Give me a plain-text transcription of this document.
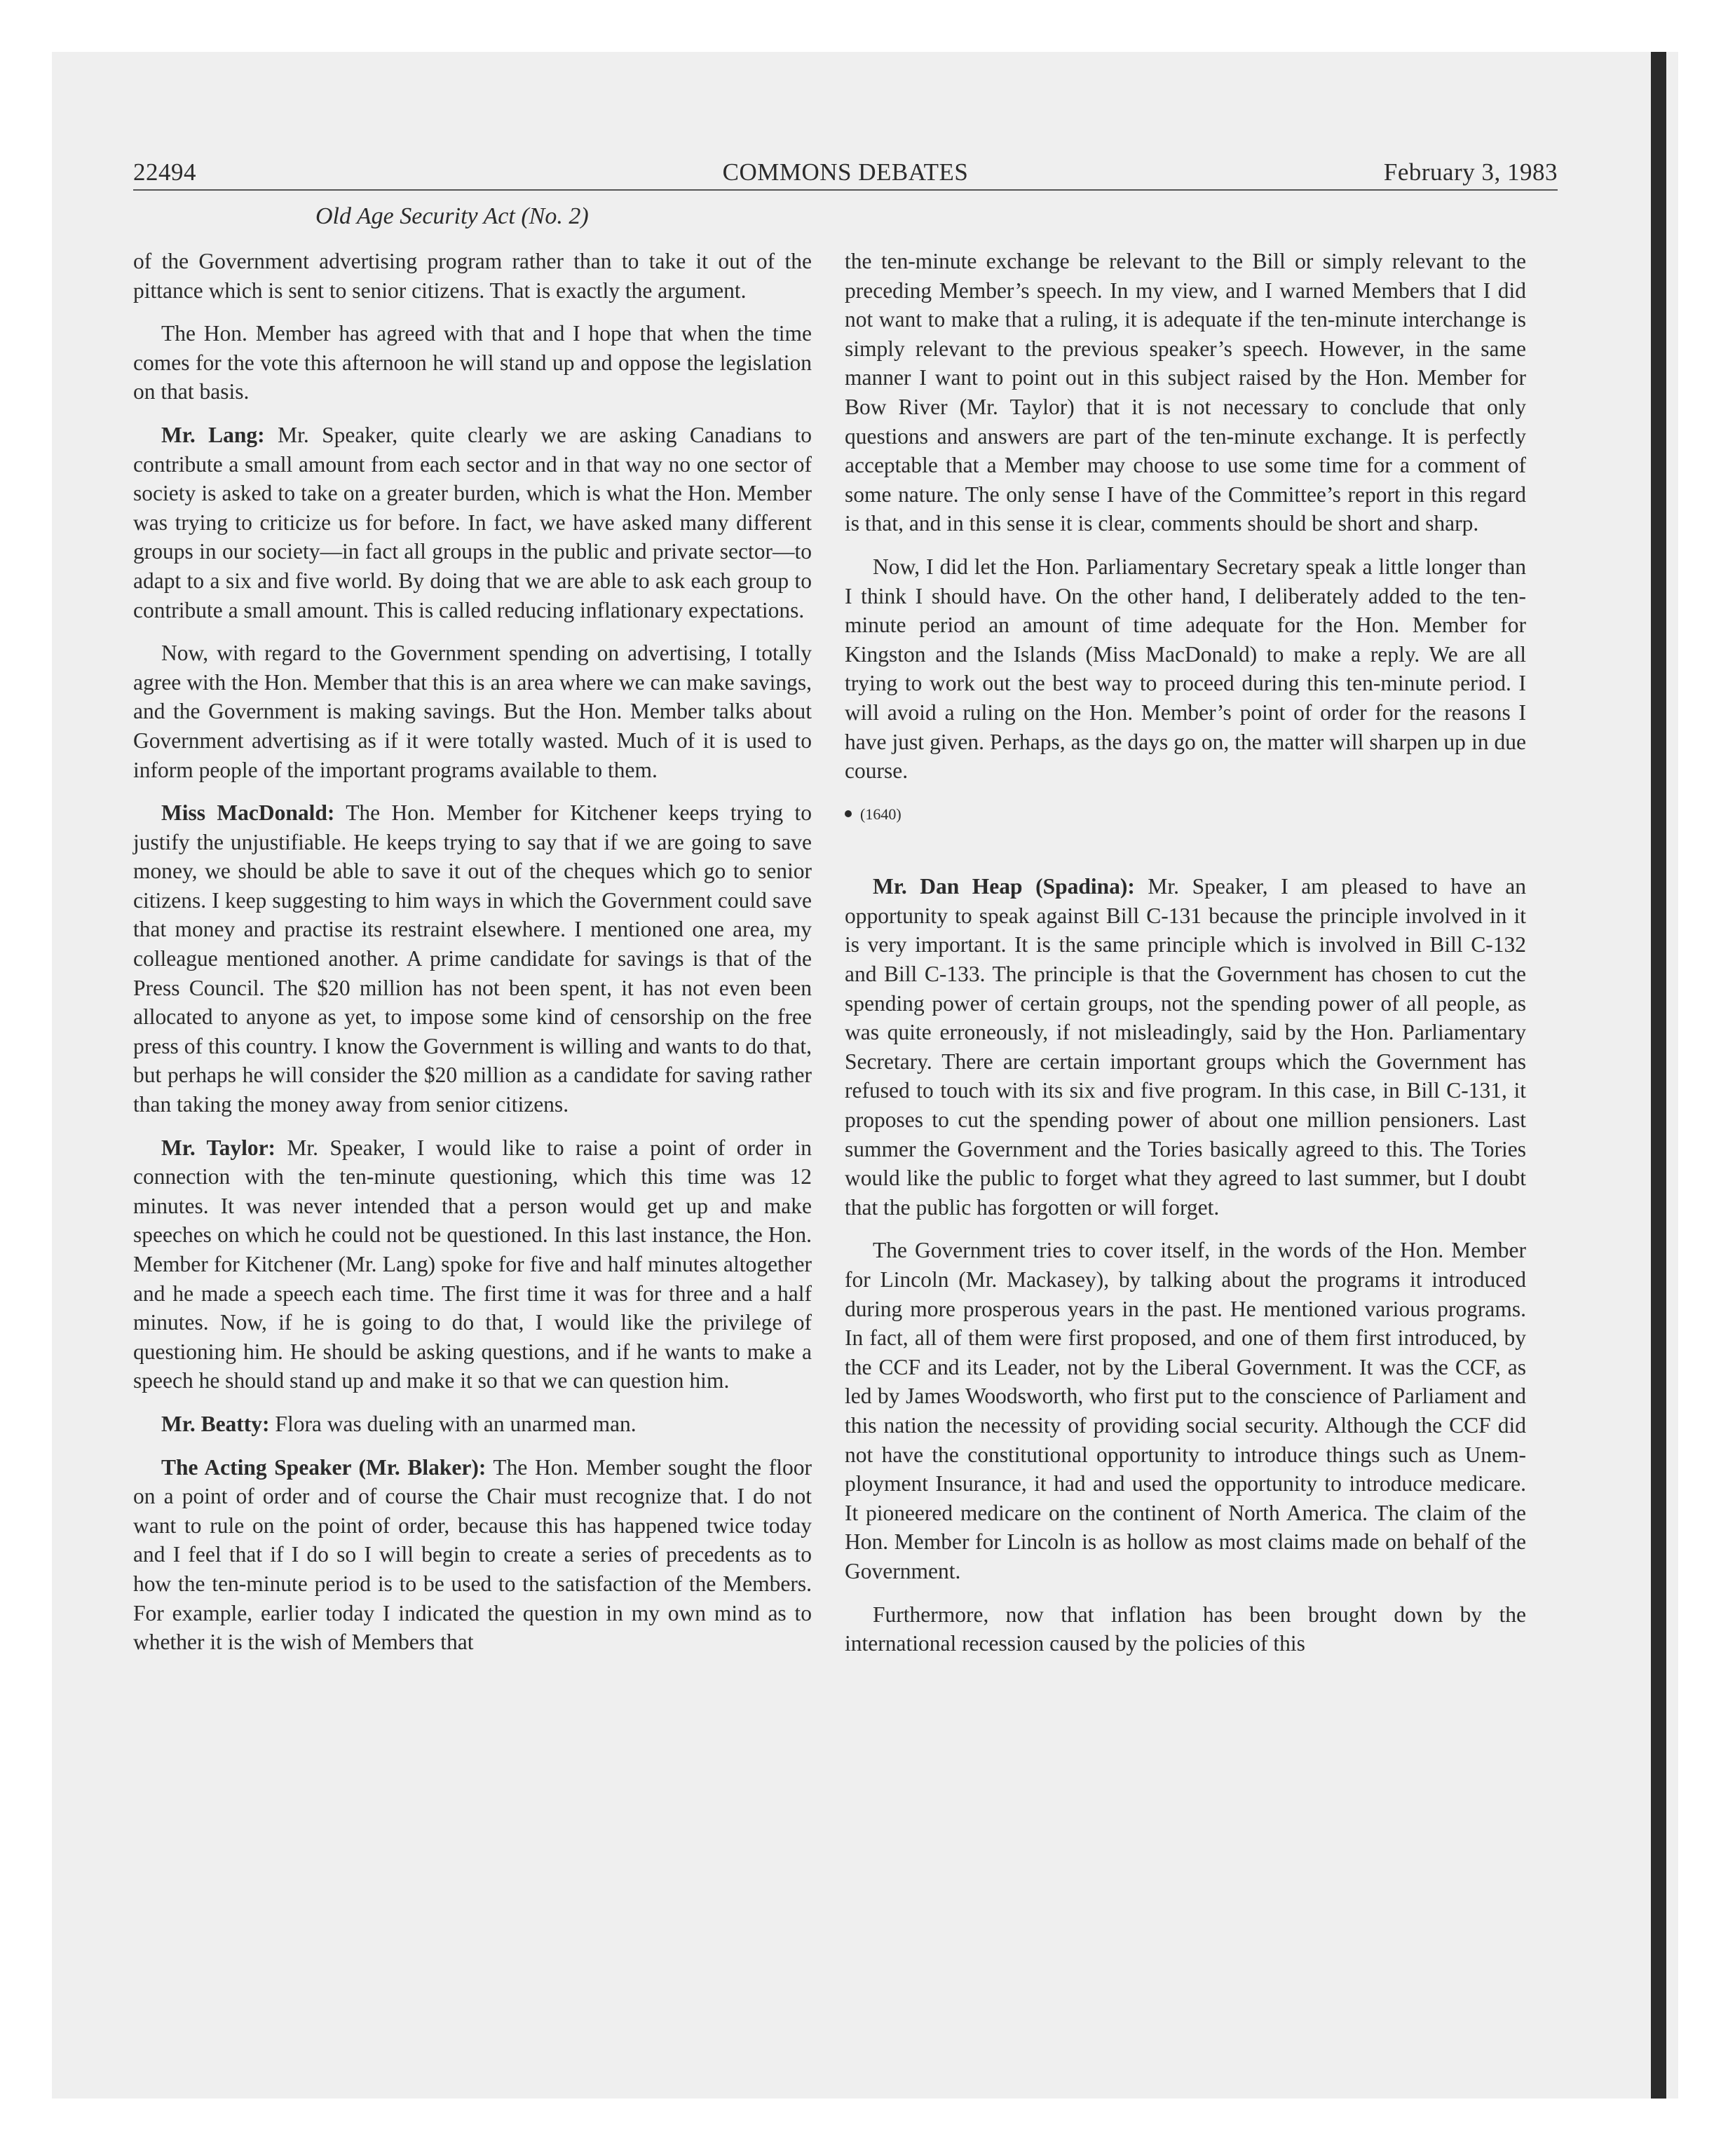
COMMONS DEBATES
22494	February 3, 1983
Old Age Security Act (No. 2)

of the Government advertising program rather than to take it out of the pittance which is sent to senior citizens. That is exactly the argument.

The Hon. Member has agreed with that and I hope that when the time comes for the vote this afternoon he will stand up and oppose the legislation on that basis.

Mr. Lang: Mr. Speaker, quite clearly we are asking Canadians to contribute a small amount from each sector and in that way no one sector of society is asked to take on a greater burden, which is what the Hon. Member was trying to criticize us for before. In fact, we have asked many different groups in our society—in fact all groups in the public and private sector—to adapt to a six and five world. By doing that we are able to ask each group to contribute a small amount. This is called reducing inflationary expectations.

Now, with regard to the Government spending on advertising, I totally agree with the Hon. Member that this is an area where we can make savings, and the Government is making savings. But the Hon. Member talks about Government advertising as if it were totally wasted. Much of it is used to inform people of the important programs available to them.

Miss MacDonald: The Hon. Member for Kitchener keeps trying to justify the unjustifiable. He keeps trying to say that if we are going to save money, we should be able to save it out of the cheques which go to senior citizens. I keep suggesting to him ways in which the Government could save that money and practise its restraint elsewhere. I mentioned one area, my colleague mentioned another. A prime candidate for savings is that of the Press Council. The $20 million has not been spent, it has not even been allocated to anyone as yet, to impose some kind of censorship on the free press of this country. I know the Government is willing and wants to do that, but perhaps he will consider the $20 million as a candidate for saving rather than taking the money away from senior citizens.

Mr. Taylor: Mr. Speaker, I would like to raise a point of order in connection with the ten-minute questioning, which this time was 12 minutes. It was never intended that a person would get up and make speeches on which he could not be questioned. In this last instance, the Hon. Member for Kitchener (Mr. Lang) spoke for five and half minutes altogether and he made a speech each time. The first time it was for three and a half minutes. Now, if he is going to do that, I would like the privilege of questioning him. He should be asking questions, and if he wants to make a speech he should stand up and make it so that we can question him.

Mr. Beatty: Flora was dueling with an unarmed man.

The Acting Speaker (Mr. Blaker): The Hon. Member sought the floor on a point of order and of course the Chair must recognize that. I do not want to rule on the point of order, because this has happened twice today and I feel that if I do so I will begin to create a series of precedents as to how the ten-minute period is to be used to the satisfaction of the Members. For example, earlier today I indicated the question in my own mind as to whether it is the wish of Members that

the ten-minute exchange be relevant to the Bill or simply relevant to the preceding Member’s speech. In my view, and I warned Members that I did not want to make that a ruling, it is adequate if the ten-minute interchange is simply relevant to the previous speaker’s speech. However, in the same manner I want to point out in this subject raised by the Hon. Member for Bow River (Mr. Taylor) that it is not necessary to conclude that only questions and answers are part of the ten-minute exchange. It is perfectly acceptable that a Member may choose to use some time for a comment of some nature. The only sense I have of the Committee’s report in this regard is that, and in this sense it is clear, comments should be short and sharp.

Now, I did let the Hon. Parliamentary Secretary speak a little longer than I think I should have. On the other hand, I deliberately added to the ten-minute period an amount of time adequate for the Hon. Member for Kingston and the Islands (Miss MacDonald) to make a reply. We are all trying to work out the best way to proceed during this ten-minute period. I will avoid a ruling on the Hon. Member’s point of order for the reasons I have just given. Perhaps, as the days go on, the matter will sharpen up in due course.

(1640)

Mr. Dan Heap (Spadina): Mr. Speaker, I am pleased to have an opportunity to speak against Bill C-131 because the principle involved in it is very important. It is the same principle which is involved in Bill C-132 and Bill C-133. The principle is that the Government has chosen to cut the spending power of certain groups, not the spending power of all people, as was quite erroneously, if not misleadingly, said by the Hon. Parliamentary Secretary. There are certain important groups which the Government has refused to touch with its six and five program. In this case, in Bill C-131, it proposes to cut the spending power of about one million pensioners. Last summer the Government and the Tories basically agreed to this. The Tories would like the public to forget what they agreed to last summer, but I doubt that the public has forgotten or will forget.

The Government tries to cover itself, in the words of the Hon. Member for Lincoln (Mr. Mackasey), by talking about the programs it introduced during more prosperous years in the past. He mentioned various programs. In fact, all of them were first proposed, and one of them first introduced, by the CCF and its Leader, not by the Liberal Government. It was the CCF, as led by James Woodsworth, who first put to the conscience of Parliament and this nation the necessity of providing social security. Although the CCF did not have the constitutional opportunity to introduce things such as Unemployment Insurance, it had and used the opportunity to introduce medicare. It pioneered medicare on the continent of North America. The claim of the Hon. Member for Lincoln is as hollow as most claims made on behalf of the Government.

Furthermore, now that inflation has been brought down by the international recession caused by the policies of this
